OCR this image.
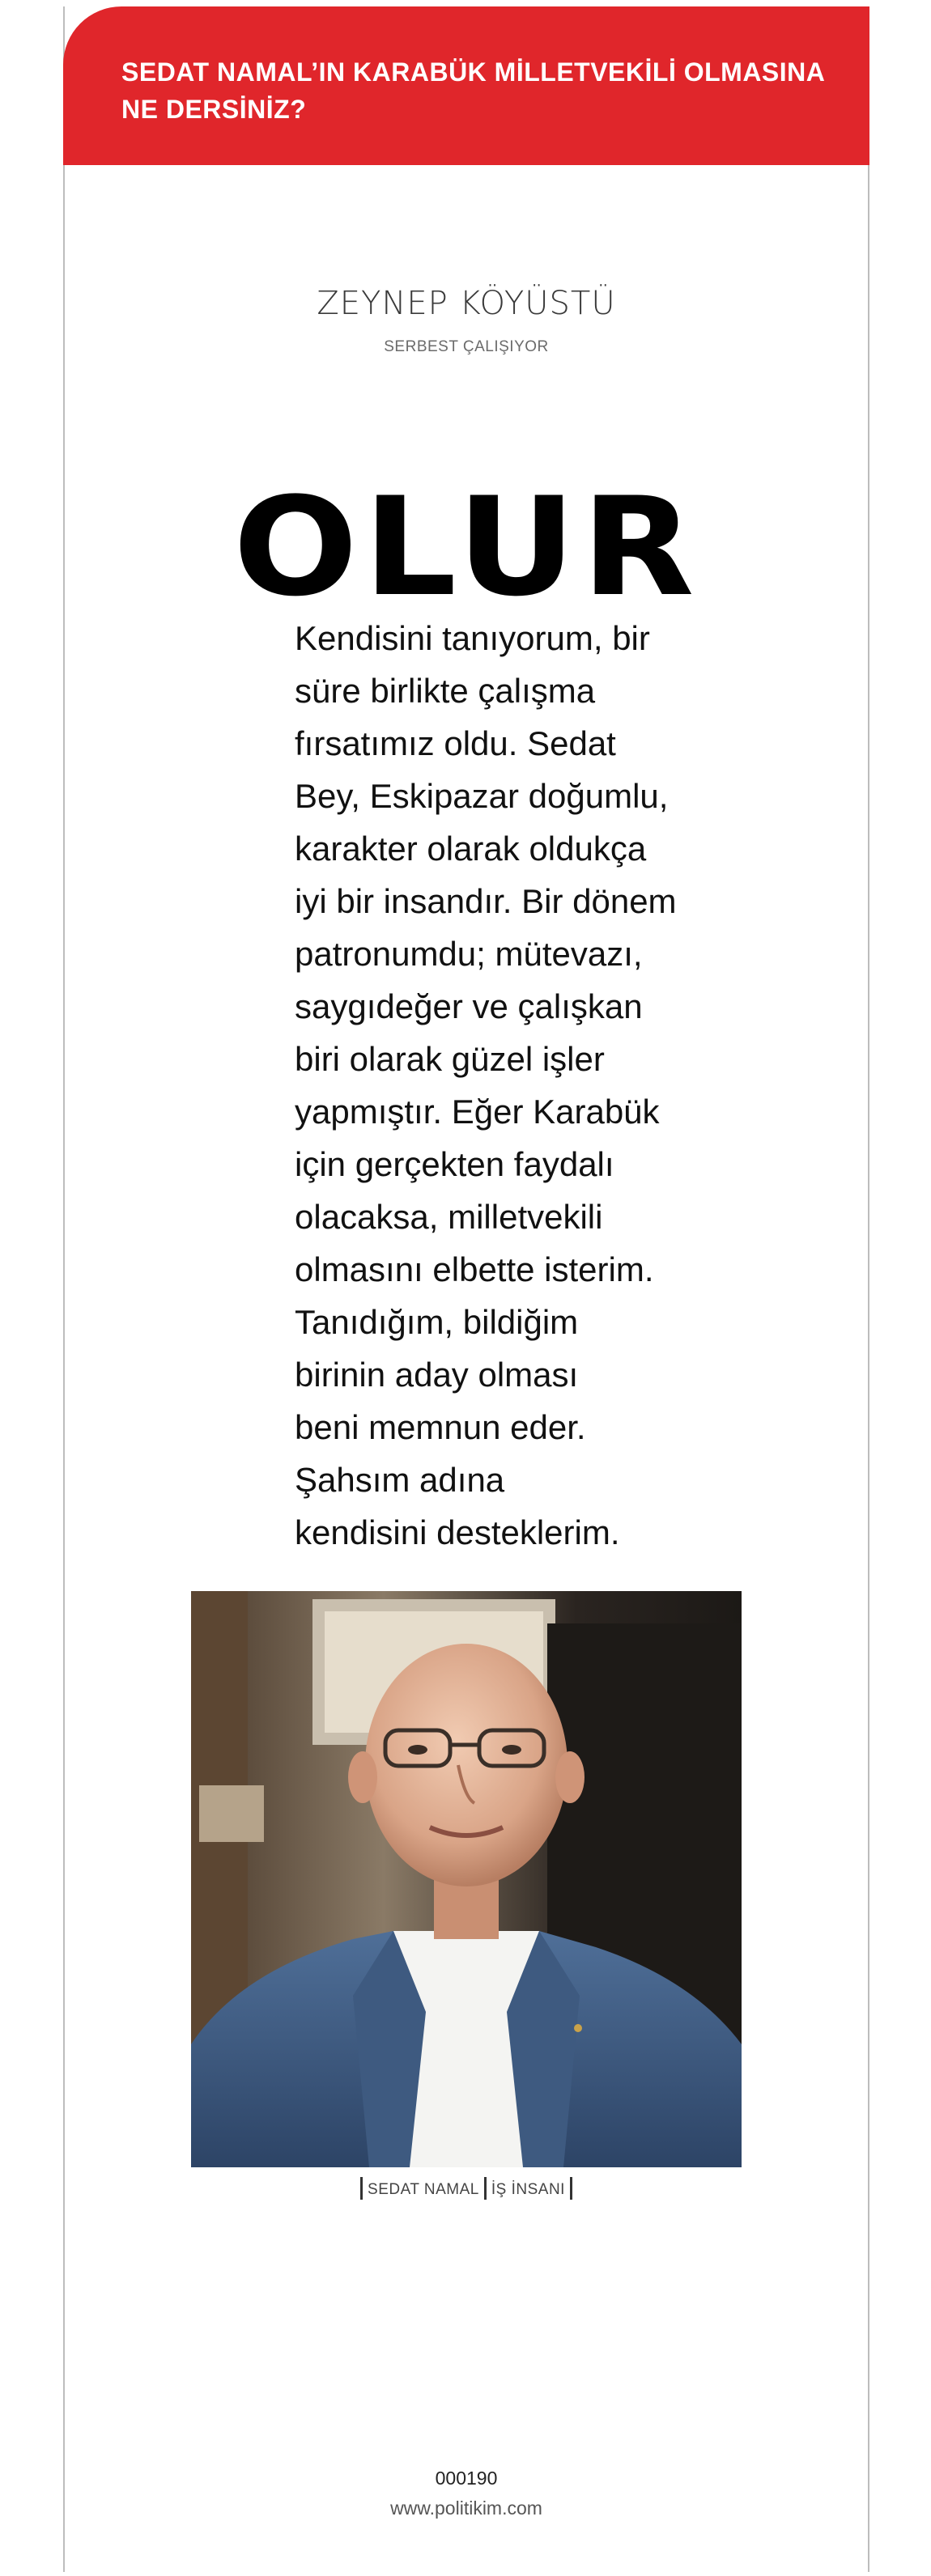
SEDAT NAMAL’IN KARABÜK MİLLETVEKİLİ OLMASINA NE DERSİNİZ?
ZEYNEP KÖYÜSTÜ
SERBEST ÇALIŞIYOR
OLUR
Kendisini tanıyorum, bir
süre birlikte çalışma
fırsatımız oldu. Sedat
Bey, Eskipazar doğumlu,
karakter olarak oldukça
iyi bir insandır. Bir dönem
patronumdu; mütevazı,
saygıdeğer ve çalışkan
biri olarak güzel işler
yapmıştır. Eğer Karabük
için gerçekten faydalı
olacaksa, milletvekili
olmasını elbette isterim.
Tanıdığım, bildiğim
birinin aday olması
beni memnun eder.
Şahsım adına
kendisini desteklerim.
SEDAT NAMAL İŞ İNSANI
000190
www.politikim.com
